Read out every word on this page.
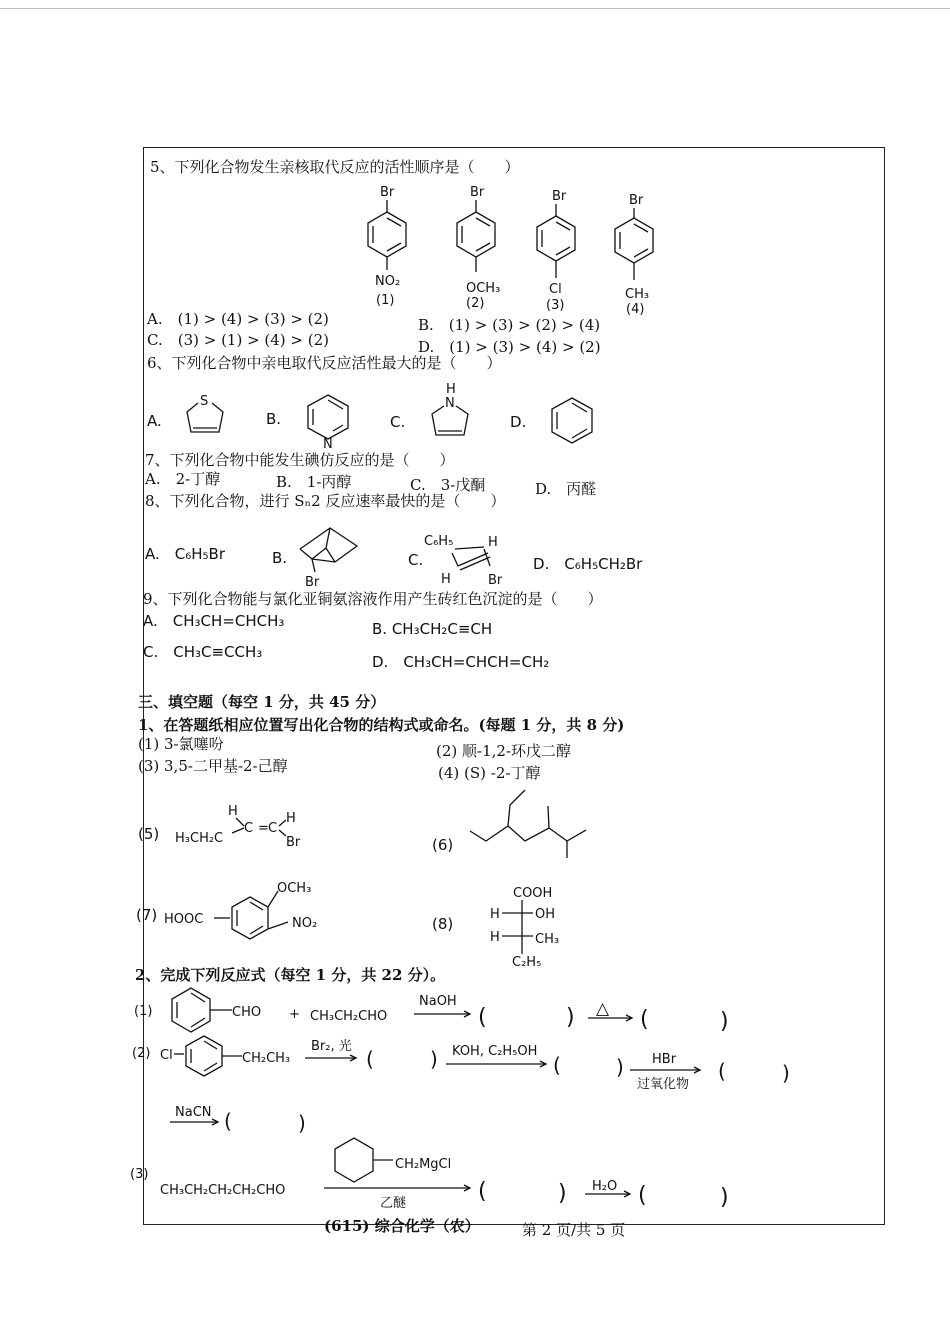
5、下列化合物发生亲核取代反应的活性顺序是（　　）
Br
NO₂
(1)
Br
OCH₃
(2)
Br
Cl
(3)
Br
CH₃
(4)
A.　(1) > (4) > (3) > (2)	B.　(1) > (3) > (2) > (4)
C.　(3) > (1) > (4) > (2)	D.　(1) > (3) > (4) > (2)
6、下列化合物中亲电取代反应活性最大的是（　　）
A.	B.	C.	D.
S
N
H
N
7、下列化合物中能发生碘仿反应的是（　　）
A.　2-丁醇	B.　1-丙醇	C.　3-戊酮	D.　丙醛
8、下列化合物，进行 Sₙ2 反应速率最快的是（　　）
A.　C₆H₅Br	B.	C.	D.　C₆H₅CH₂Br
Br
C₆H₅	H
H	Br
9、下列化合物能与氯化亚铜氨溶液作用产生砖红色沉淀的是（　　）
A.　CH₃CH=CHCH₃	B. CH₃CH₂C≡CH
C.　CH₃C≡CCH₃
D.　CH₃CH=CHCH=CH₂
三、填空题（每空 1 分，共 45 分）
1、在答题纸相应位置写出化合物的结构式或命名。(每题 1 分，共 8 分)
(1) 3-氯噻吩	(2) 顺-1,2-环戊二醇
(3) 3,5-二甲基-2-己醇	(4) (S) -2-丁醇
(5)
(6)
(7)	(8)
H₃CH₂C
H
C = C
H
Br
HOOC
OCH₃
NO₂
COOH
H	OH
H	CH₃
C₂H₅
2、完成下列反应式（每空 1 分，共 22 分）。
(1)	CHO + CH₃CH₂CHO
NaOH
(	) △ (	)
(2) Cl	CH₂CH₃
Br₂, 光
(	) KOH, C₂H₅OH
(	) HBr
过氧化物
(	)
NaCN (	)
(3)
CH₃CH₂CH₂CH₂CHO
CH₂MgCl
乙醚	(	) H₂O (	)
(615) 综合化学（农）	第 2 页/共 5 页
